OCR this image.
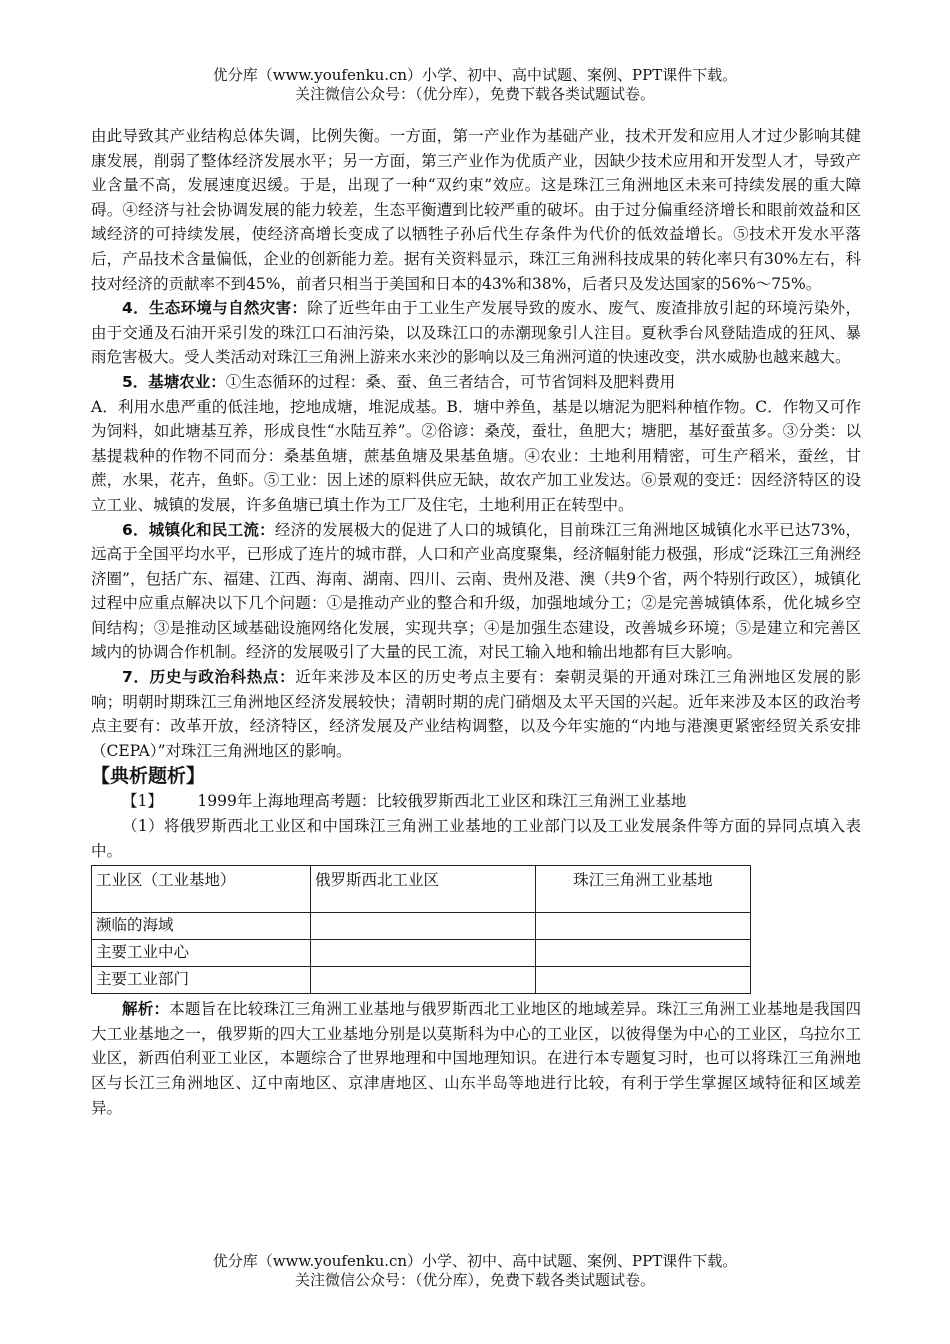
优分库（www.youfenku.cn）小学、初中、高中试题、案例、PPT课件下载。
关注微信公众号：（优分库），免费下载各类试题试卷。

由此导致其产业结构总体失调，比例失衡。一方面，第一产业作为基础产业，技术开发和应用人才过少影响其健康发展，削弱了整体经济发展水平；另一方面，第三产业作为优质产业，因缺少技术应用和开发型人才，导致产业含量不高，发展速度迟缓。于是，出现了一种“双约束”效应。这是珠江三角洲地区未来可持续发展的重大障碍。④经济与社会协调发展的能力较差，生态平衡遭到比较严重的破坏。由于过分偏重经济增长和眼前效益和区域经济的可持续发展，使经济高增长变成了以牺牲子孙后代生存条件为代价的低效益增长。⑤技术开发水平落后，产品技术含量偏低，企业的创新能力差。据有关资料显示，珠江三角洲科技成果的转化率只有30%左右，科技对经济的贡献率不到45%，前者只相当于美国和日本的43%和38%，后者只及发达国家的56%～75%。

4．生态环境与自然灾害：除了近些年由于工业生产发展导致的废水、废气、废渣排放引起的环境污染外，由于交通及石油开采引发的珠江口石油污染，以及珠江口的赤潮现象引人注目。夏秋季台风登陆造成的狂风、暴雨危害极大。受人类活动对珠江三角洲上游来水来沙的影响以及三角洲河道的快速改变，洪水威胁也越来越大。

5．基塘农业：①生态循环的过程：桑、蚕、鱼三者结合，可节省饲料及肥料费用

A．利用水患严重的低洼地，挖地成塘，堆泥成基。B．塘中养鱼，基是以塘泥为肥料种植作物。C．作物又可作为饲料，如此塘基互养，形成良性“水陆互养”。②俗谚：桑茂，蚕壮，鱼肥大；塘肥，基好蚕茧多。③分类：以基提栽种的作物不同而分：桑基鱼塘，蔗基鱼塘及果基鱼塘。④农业：土地利用精密，可生产稻米，蚕丝，甘蔗，水果，花卉，鱼虾。⑤工业：因上述的原料供应无缺，故农产加工业发达。⑥景观的变迁：因经济特区的设立工业、城镇的发展，许多鱼塘已填土作为工厂及住宅，土地利用正在转型中。

6．城镇化和民工流：经济的发展极大的促进了人口的城镇化，目前珠江三角洲地区城镇化水平已达73%，远高于全国平均水平，已形成了连片的城市群，人口和产业高度聚集，经济幅射能力极强，形成“泛珠江三角洲经济圈”，包括广东、福建、江西、海南、湖南、四川、云南、贵州及港、澳（共9个省，两个特别行政区），城镇化过程中应重点解决以下几个问题：①是推动产业的整合和升级，加强地域分工；②是完善城镇体系，优化城乡空间结构；③是推动区域基础设施网络化发展，实现共享；④是加强生态建设，改善城乡环境；⑤是建立和完善区域内的协调合作机制。经济的发展吸引了大量的民工流，对民工输入地和输出地都有巨大影响。

7．历史与政治科热点：近年来涉及本区的历史考点主要有：秦朝灵渠的开通对珠江三角洲地区发展的影响；明朝时期珠江三角洲地区经济发展较快；清朝时期的虎门硝烟及太平天国的兴起。近年来涉及本区的政治考点主要有：改革开放，经济特区，经济发展及产业结构调整，以及今年实施的“内地与港澳更紧密经贸关系安排（CEPA）”对珠江三角洲地区的影响。

【典析题析】

【1】 1999年上海地理高考题：比较俄罗斯西北工业区和珠江三角洲工业基地

（1）将俄罗斯西北工业区和中国珠江三角洲工业基地的工业部门以及工业发展条件等方面的异同点填入表中。

工业区（工业基地）	俄罗斯西北工业区	珠江三角洲工业基地
濒临的海域		
主要工业中心		
主要工业部门		

解析：本题旨在比较珠江三角洲工业基地与俄罗斯西北工业地区的地域差异。珠江三角洲工业基地是我国四大工业基地之一，俄罗斯的四大工业基地分别是以莫斯科为中心的工业区，以彼得堡为中心的工业区，乌拉尔工业区，新西伯利亚工业区，本题综合了世界地理和中国地理知识。在进行本专题复习时，也可以将珠江三角洲地区与长江三角洲地区、辽中南地区、京津唐地区、山东半岛等地进行比较，有利于学生掌握区域特征和区域差异。

优分库（www.youfenku.cn）小学、初中、高中试题、案例、PPT课件下载。
关注微信公众号：（优分库），免费下载各类试题试卷。
